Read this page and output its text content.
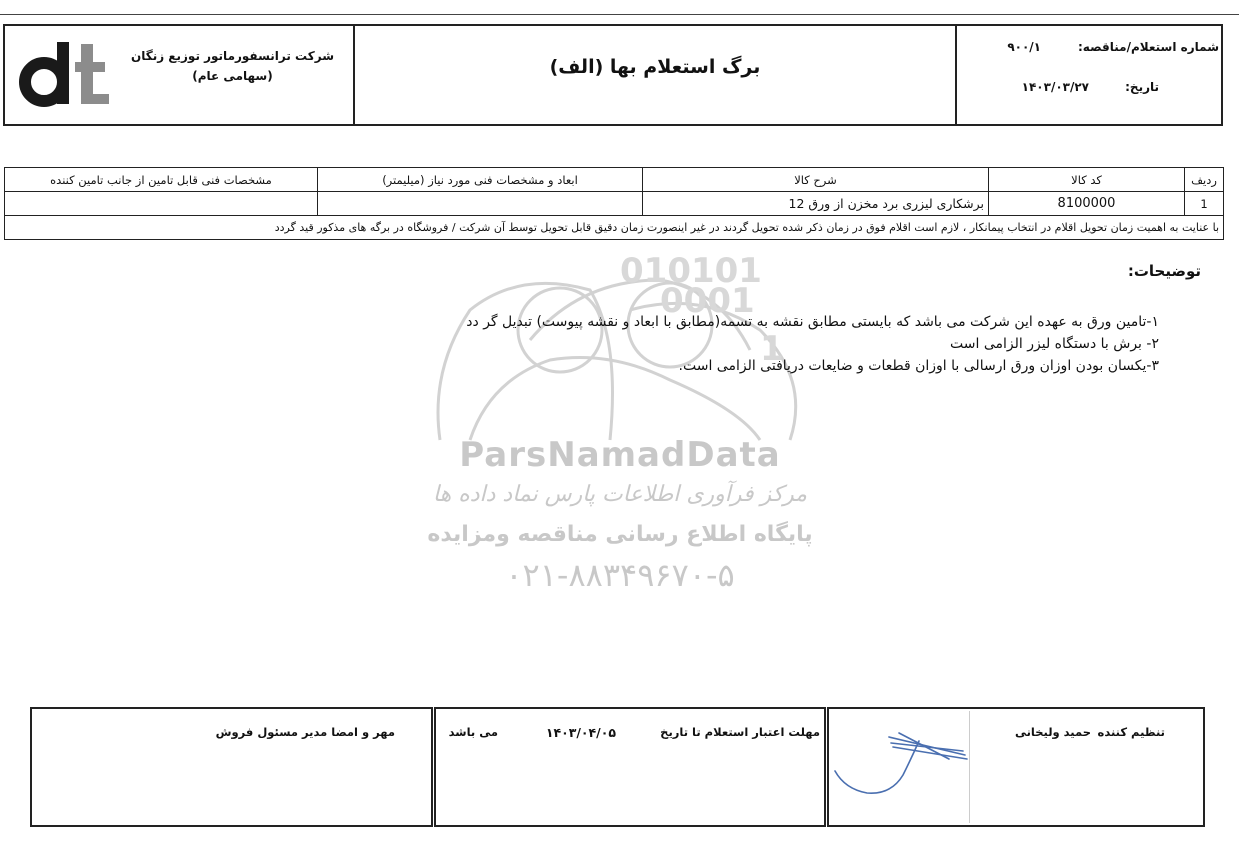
شرکت ترانسفورماتور توزیع زنگان
(سهامی عام)	برگ استعلام بها (الف)
شماره استعلام/مناقصه:
۹۰۰/۱
تاریخ:
۱۴۰۳/۰۳/۲۷
ردیف	کد کالا	شرح کالا	ابعاد و مشخصات فنی مورد نیاز (میلیمتر)	مشخصات فنی قابل تامین از جانب تامین کننده
1	8100000	برشکاری لیزری برد مخزن از ورق 12		
با عنایت به اهمیت زمان تحویل اقلام در انتخاب پیمانکار ، لازم است اقلام فوق در زمان ذکر شده تحویل گردند در غیر اینصورت زمان دقیق قابل تحویل توسط آن شرکت / فروشگاه در برگه های مذکور قید گردد				
010101
0001
1
ParsNamadData
مرکز فرآوری اطلاعات پارس نماد داده ها
پایگاه اطلاع رسانی مناقصه ومزایده
۰۲۱-۸۸۳۴۹۶۷۰-۵
توضیحات:
۱-تامین ورق به عهده این شرکت می باشد که بایستی مطابق نقشه به تسمه(مطابق با ابعاد و نقشه پیوست) تبدیل گر دد
۲- برش با دستگاه لیزر الزامی است
۳-یکسان بودن اوزان ورق ارسالی با اوزان قطعات و ضایعات دریافتی الزامی است.
تنظیم کننده
حمید ولیخانی
مهلت اعتبار استعلام تا تاریخ
۱۴۰۳/۰۴/۰۵
می باشد
مهر و امضا مدیر مسئول فروش
